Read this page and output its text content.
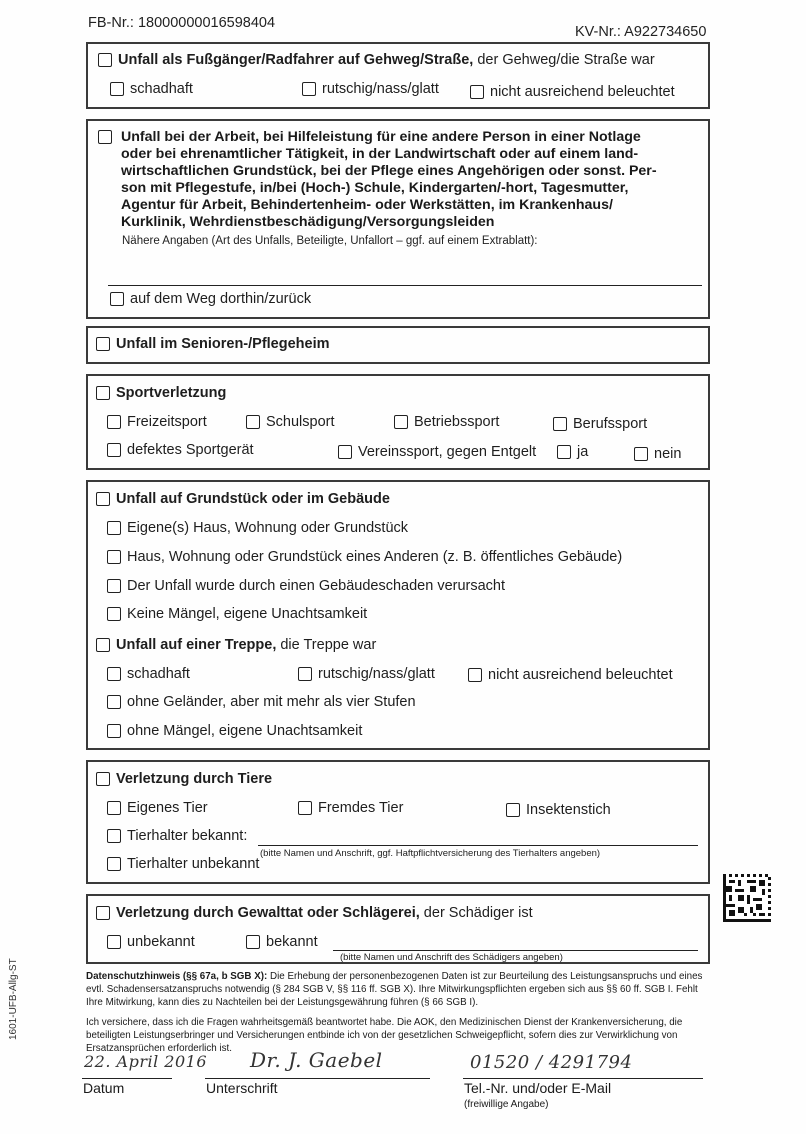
FB-Nr.: 18000000016598404
KV-Nr.: A922734650
Unfall als Fußgänger/Radfahrer auf Gehweg/Straße, der Gehweg/die Straße war
schadhaft	rutschig/nass/glatt	nicht ausreichend beleuchtet
Unfall bei der Arbeit, bei Hilfeleistung für eine andere Person in einer Notlage
oder bei ehrenamtlicher Tätigkeit, in der Landwirtschaft oder auf einem land-
wirtschaftlichen Grundstück, bei der Pflege eines Angehörigen oder sonst. Per-
son mit Pflegestufe, in/bei (Hoch-) Schule, Kindergarten/-hort, Tagesmutter,
Agentur für Arbeit, Behindertenheim- oder Werkstätten, im Krankenhaus/
Kurklinik, Wehrdienstbeschädigung/Versorgungsleiden
Nähere Angaben (Art des Unfalls, Beteiligte, Unfallort – ggf. auf einem Extrablatt):
auf dem Weg dorthin/zurück
Unfall im Senioren-/Pflegeheim
Sportverletzung
Freizeitsport	Schulsport	Betriebssport	Berufssport
defektes Sportgerät	Vereinssport, gegen Entgelt	ja	nein
Unfall auf Grundstück oder im Gebäude
Eigene(s) Haus, Wohnung oder Grundstück
Haus, Wohnung oder Grundstück eines Anderen (z. B. öffentliches Gebäude)
Der Unfall wurde durch einen Gebäudeschaden verursacht
Keine Mängel, eigene Unachtsamkeit
Unfall auf einer Treppe, die Treppe war
schadhaft	rutschig/nass/glatt	nicht ausreichend beleuchtet
ohne Geländer, aber mit mehr als vier Stufen
ohne Mängel, eigene Unachtsamkeit
Verletzung durch Tiere
Eigenes Tier	Fremdes Tier	Insektenstich
Tierhalter bekannt:
(bitte Namen und Anschrift, ggf. Haftpflichtversicherung des Tierhalters angeben)
Tierhalter unbekannt
Verletzung durch Gewalttat oder Schlägerei, der Schädiger ist
unbekannt	bekannt
(bitte Namen und Anschrift des Schädigers angeben)
Datenschutzhinweis (§§ 67a, b SGB X): Die Erhebung der personenbezogenen Daten ist zur Beurteilung des Leistungsanspruchs und eines evtl. Schadensersatzanspruchs notwendig (§ 284 SGB V, §§ 116 ff. SGB X). Ihre Mitwirkungspflichten ergeben sich aus §§ 60 ff. SGB I. Fehlt Ihre Mitwirkung, kann dies zu Nachteilen bei der Leistungsgewährung führen (§ 66 SGB I).
Ich versichere, dass ich die Fragen wahrheitsgemäß beantwortet habe. Die AOK, den Medizinischen Dienst der Krankenversicherung, die beteiligten Leistungserbringer und Versicherungen entbinde ich von der gesetzlichen Schweigepflicht, sofern dies zur Verwirklichung von Ersatzansprüchen erforderlich ist.
22. April 2016
Datum
Dr. J. Gaebel
Unterschrift
01520 / 4291794
Tel.-Nr. und/oder E-Mail
(freiwillige Angabe)
1601-UFB-Allg-ST
